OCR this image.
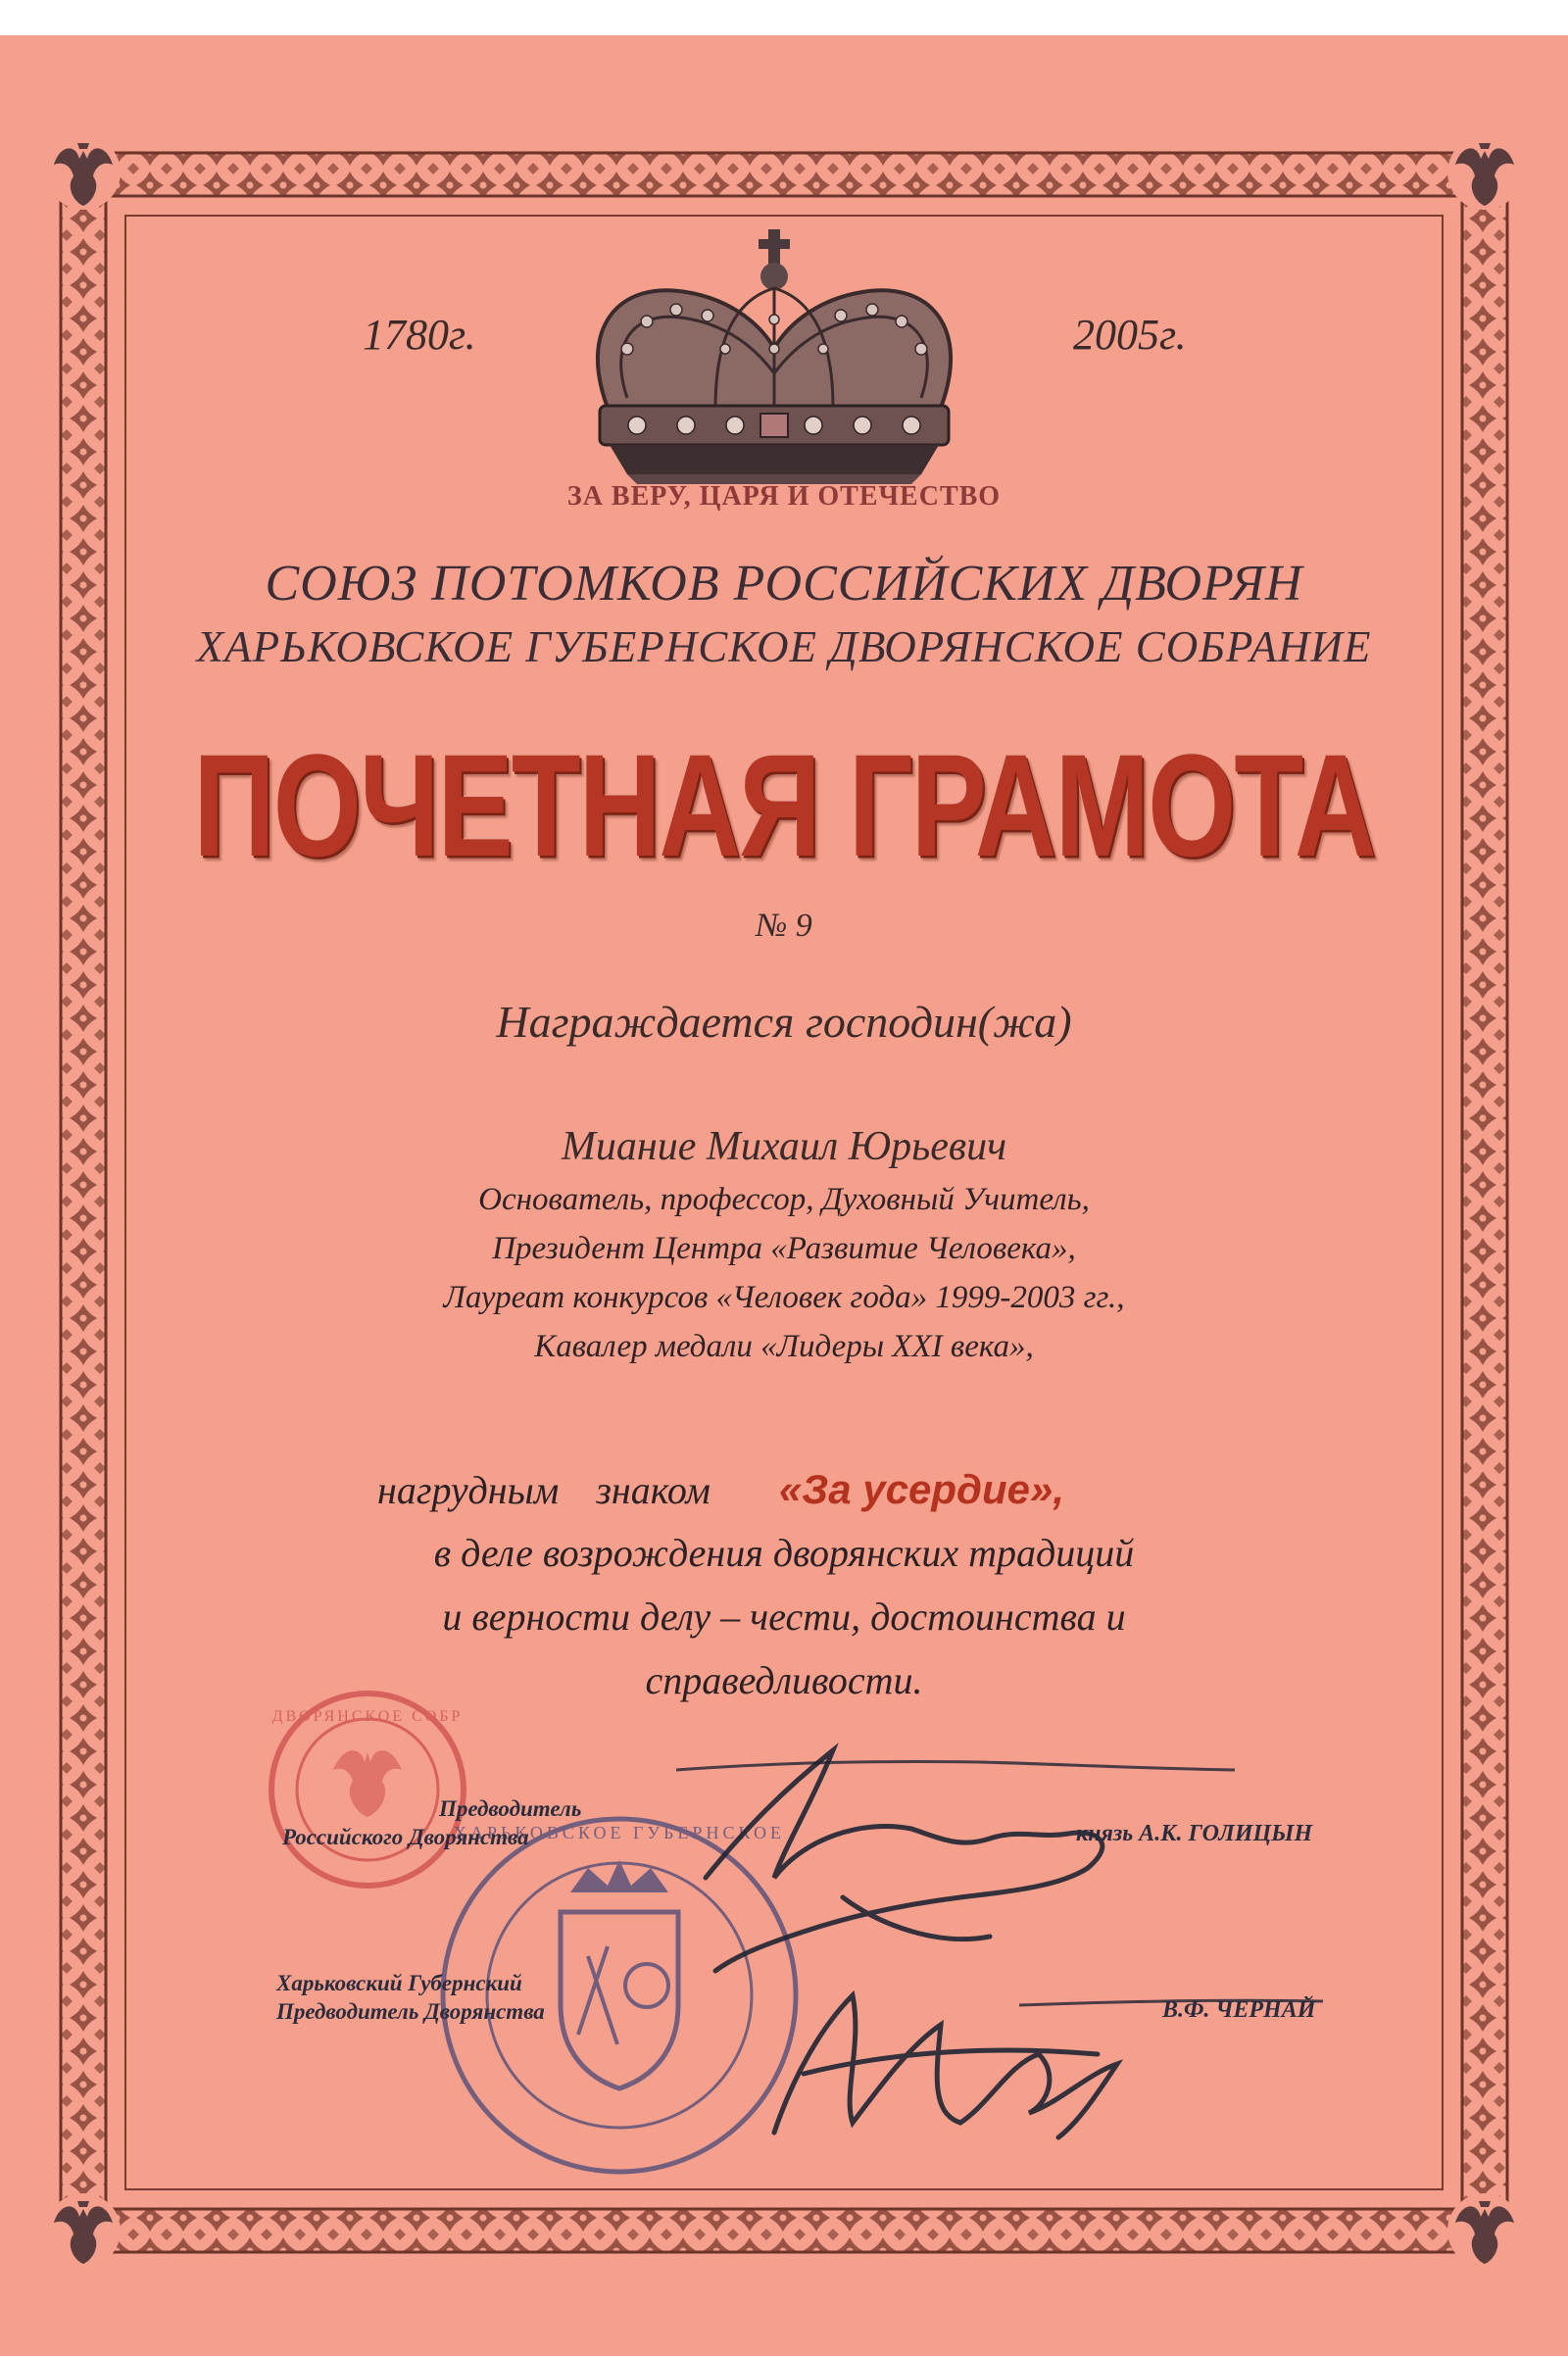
ДВОРЯНСКОЕ СОБР
ХАРЬКОВСКОЕ ГУБЕРНСКОЕ
1780г.	2005г.
ЗА ВЕРУ, ЦАРЯ И ОТЕЧЕСТВО
СОЮЗ ПОТОМКОВ РОССИЙСКИХ ДВОРЯН
ХАРЬКОВСКОЕ ГУБЕРНСКОЕ ДВОРЯНСКОЕ СОБРАНИЕ
ПОЧЕТНАЯ ГРАМОТА
№ 9
Награждается господин(жа)
Миание Михаил Юрьевич
Основатель, профессор, Духовный Учитель,
Президент Центра «Развитие Человека»,
Лауреат конкурсов «Человек года» 1999-2003 гг.,
Кавалер медали «Лидеры XXI века»,
нагрудным знаком «За усердие»,
в деле возрождения дворянских традиций
и верности делу – чести, достоинства и
справедливости.
Предводитель
Российского Дворянства	князь А.К. ГОЛИЦЫН
Харьковский Губернский
Предводитель Дворянства	В.Ф. ЧЕРНАЙ
